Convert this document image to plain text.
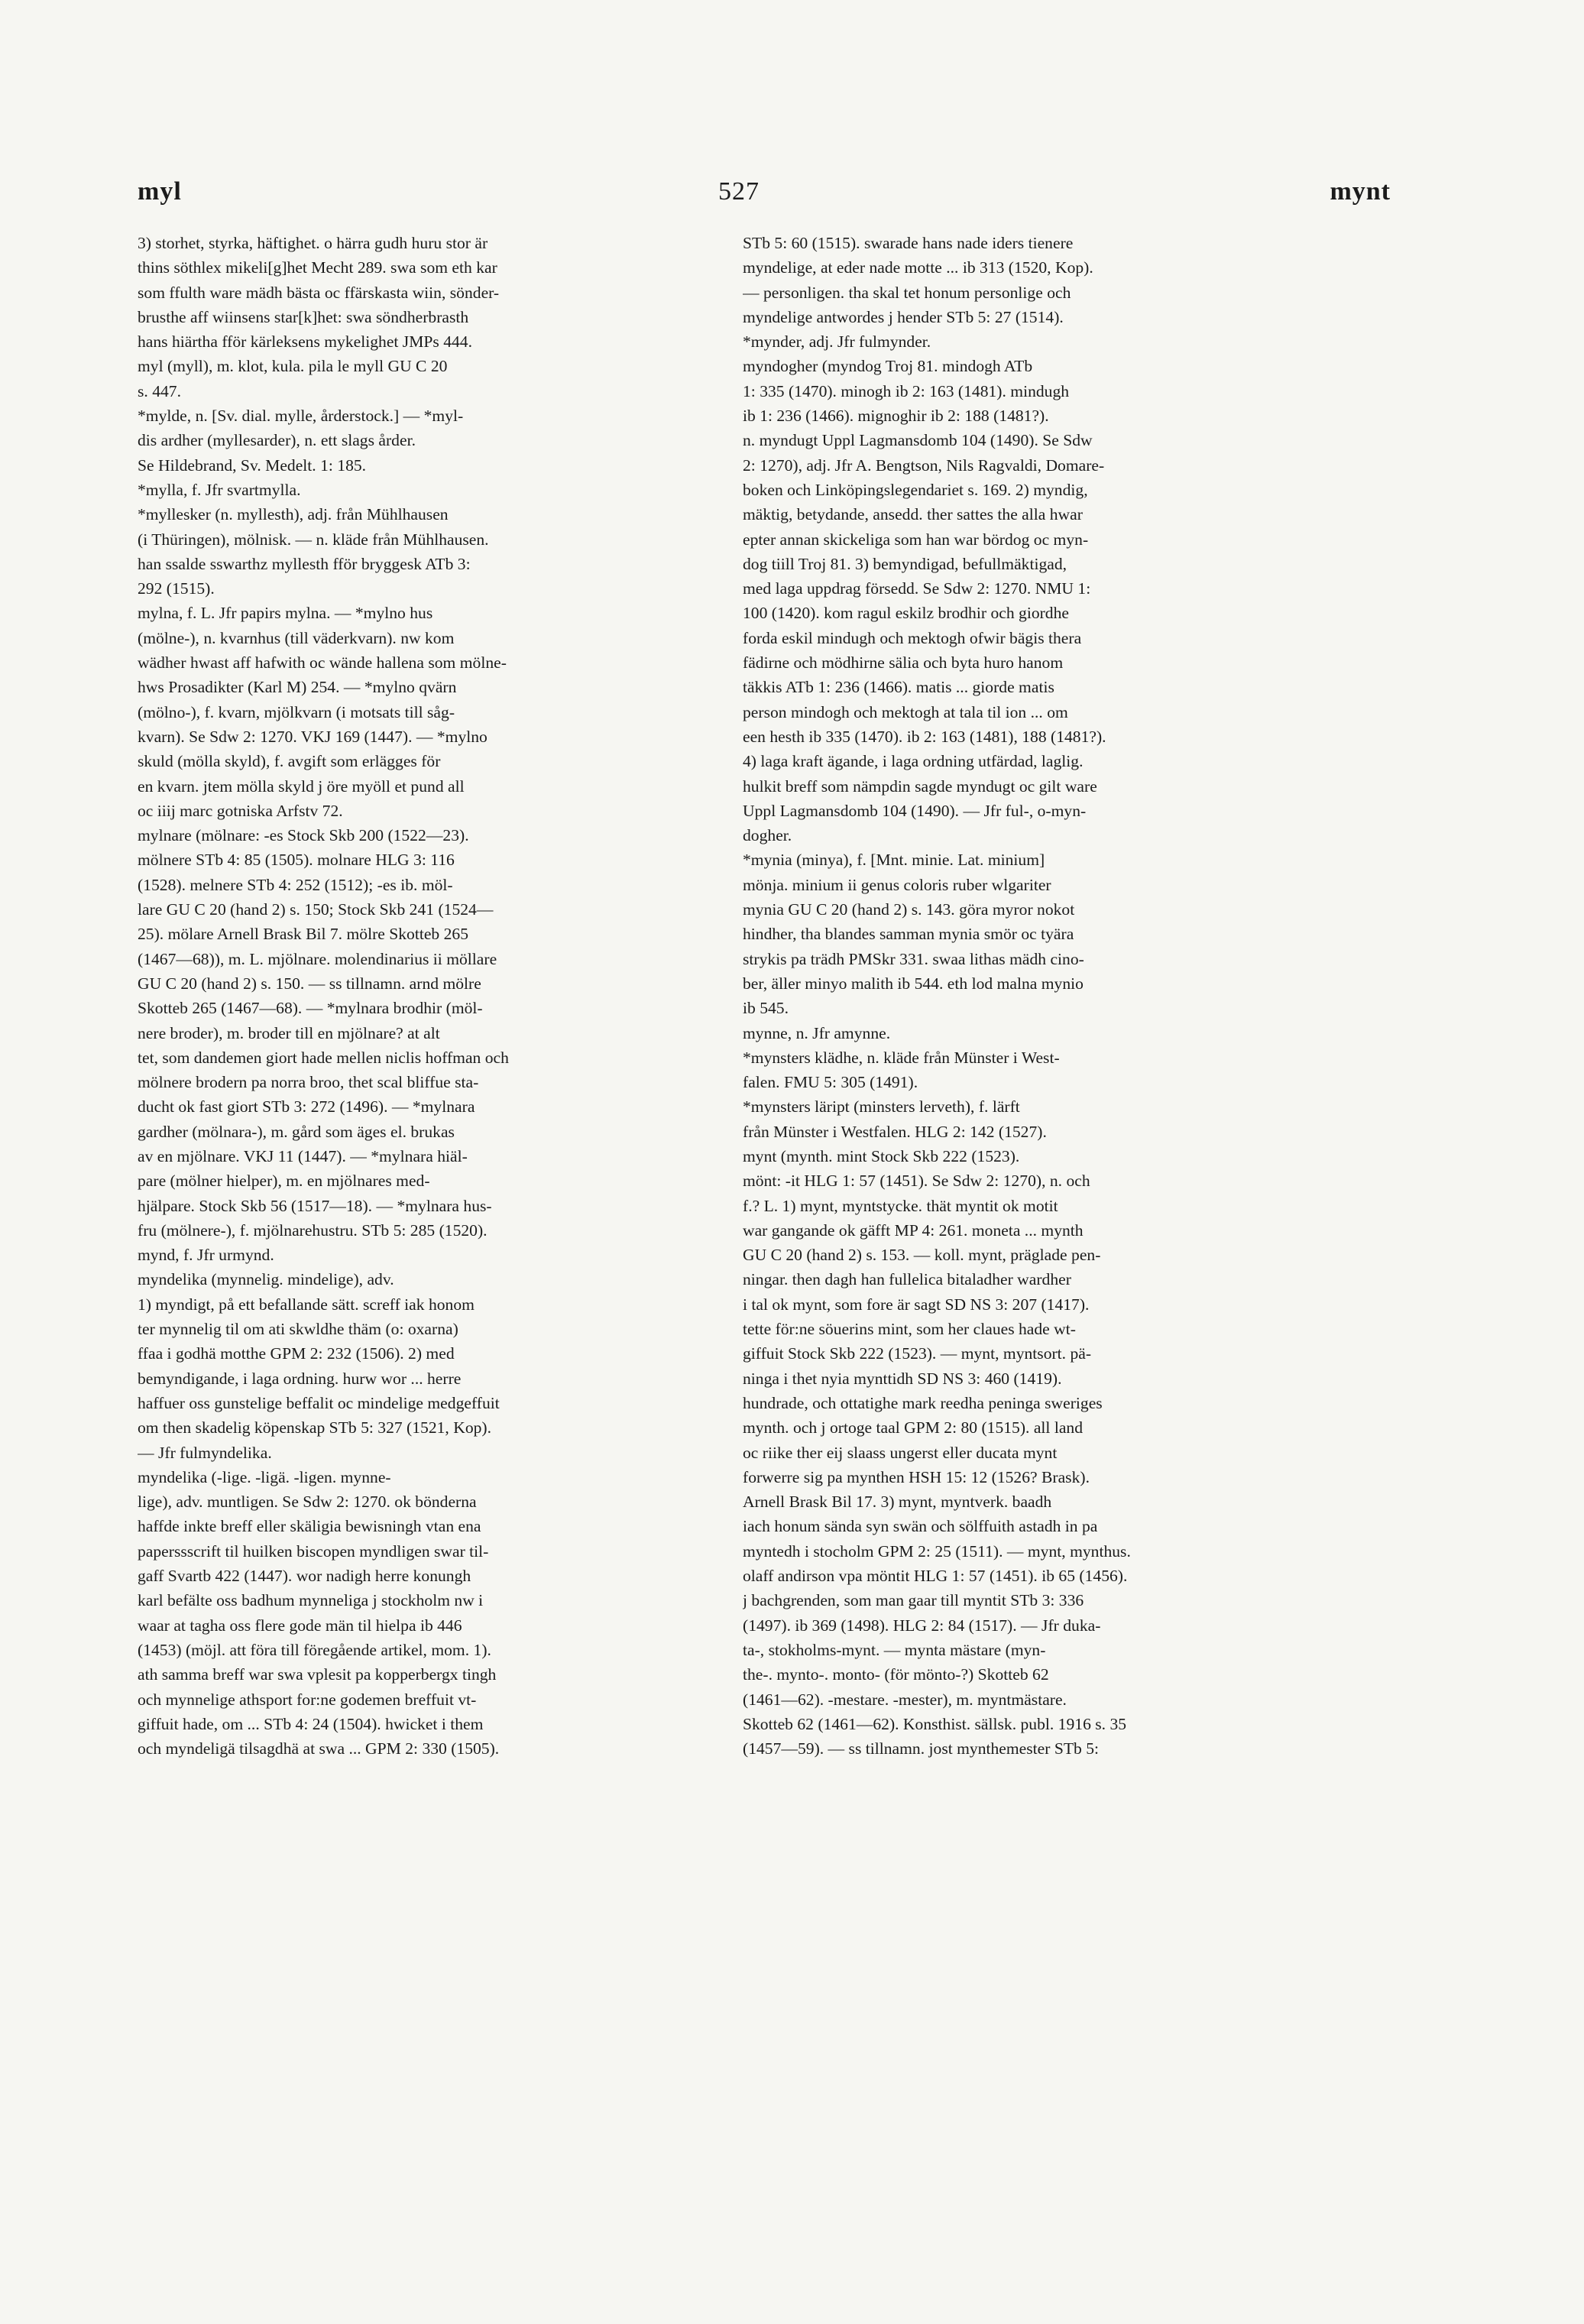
myl	527	mynt

3) storhet, styrka, häftighet. o härra gudh huru stor är

thins söthlex mikeli[g]het Mecht 289. swa som eth kar

som ffulth ware mädh bästa oc ffärskasta wiin, sönder-

brusthe aff wiinsens star[k]het: swa söndherbrasth

hans hiärtha fför kärleksens mykelighet JMPs 444.

myl (myll), m. klot, kula. pila le myll GU C 20

s. 447.

*mylde, n. [Sv. dial. mylle, årderstock.] — *myl-

dis ardher (myllesarder), n. ett slags årder.

Se Hildebrand, Sv. Medelt. 1: 185.

*mylla, f. Jfr svartmylla.

*myllesker (n. myllesth), adj. från Mühlhausen

(i Thüringen), mölnisk. — n. kläde från Mühlhausen.

han ssalde sswarthz myllesth fför bryggesk ATb 3:

292 (1515).

mylna, f. L. Jfr papirs mylna. — *mylno hus

(mölne-), n. kvarnhus (till väderkvarn). nw kom

wädher hwast aff hafwith oc wände hallena som mölne-

hws Prosadikter (Karl M) 254. — *mylno qvärn

(mölno-), f. kvarn, mjölkvarn (i motsats till såg-

kvarn). Se Sdw 2: 1270. VKJ 169 (1447). — *mylno

skuld (mölla skyld), f. avgift som erlägges för

en kvarn. jtem mölla skyld j öre myöll et pund all

oc iiij marc gotniska Arfstv 72.

mylnare (mölnare: -es Stock Skb 200 (1522—23).

mölnere STb 4: 85 (1505). molnare HLG 3: 116

(1528). melnere STb 4: 252 (1512); -es ib. möl-

lare GU C 20 (hand 2) s. 150; Stock Skb 241 (1524—

25). mölare Arnell Brask Bil 7. mölre Skotteb 265

(1467—68)), m. L. mjölnare. molendinarius ii möllare

GU C 20 (hand 2) s. 150. — ss tillnamn. arnd mölre

Skotteb 265 (1467—68). — *mylnara brodhir (möl-

nere broder), m. broder till en mjölnare? at alt

tet, som dandemen giort hade mellen niclis hoffman och

mölnere brodern pa norra broo, thet scal bliffue sta-

ducht ok fast giort STb 3: 272 (1496). — *mylnara

gardher (mölnara-), m. gård som äges el. brukas

av en mjölnare. VKJ 11 (1447). — *mylnara hiäl-

pare (mölner hielper), m. en mjölnares med-

hjälpare. Stock Skb 56 (1517—18). — *mylnara hus-

fru (mölnere-), f. mjölnarehustru. STb 5: 285 (1520).

mynd, f. Jfr urmynd.

myndelika (mynnelig. mindelige), adv.

1) myndigt, på ett befallande sätt. screff iak honom

ter mynnelig til om ati skwldhe thäm (o: oxarna)

ffaa i godhä motthe GPM 2: 232 (1506). 2) med

bemyndigande, i laga ordning. hurw wor ... herre

haffuer oss gunstelige beffalit oc mindelige medgeffuit

om then skadelig köpenskap STb 5: 327 (1521, Kop).

— Jfr fulmyndelika.

myndelika (-lige. -ligä. -ligen. mynne-

lige), adv. muntligen. Se Sdw 2: 1270. ok bönderna

haffde inkte breff eller skäligia bewisningh vtan ena

paperssscrift til huilken biscopen myndligen swar til-

gaff Svartb 422 (1447). wor nadigh herre konungh

karl befälte oss badhum mynneliga j stockholm nw i

waar at tagha oss flere gode män til hielpa ib 446

(1453) (möjl. att föra till föregående artikel, mom. 1).

ath samma breff war swa vplesit pa kopperbergx tingh

och mynnelige athsport for:ne godemen breffuit vt-

giffuit hade, om ... STb 4: 24 (1504). hwicket i them

och myndeligä tilsagdhä at swa ... GPM 2: 330 (1505).

STb 5: 60 (1515). swarade hans nade iders tienere

myndelige, at eder nade motte ... ib 313 (1520, Kop).

— personligen. tha skal tet honum personlige och

myndelige antwordes j hender STb 5: 27 (1514).

*mynder, adj. Jfr fulmynder.

myndogher (myndog Troj 81. mindogh ATb

1: 335 (1470). minogh ib 2: 163 (1481). mindugh

ib 1: 236 (1466). mignoghir ib 2: 188 (1481?).

n. myndugt Uppl Lagmansdomb 104 (1490). Se Sdw

2: 1270), adj. Jfr A. Bengtson, Nils Ragvaldi, Domare-

boken och Linköpingslegendariet s. 169. 2) myndig,

mäktig, betydande, ansedd. ther sattes the alla hwar

epter annan skickeliga som han war bördog oc myn-

dog tiill Troj 81. 3) bemyndigad, befullmäktigad,

med laga uppdrag försedd. Se Sdw 2: 1270. NMU 1:

100 (1420). kom ragul eskilz brodhir och giordhe

forda eskil mindugh och mektogh ofwir bägis thera

fädirne och mödhirne sälia och byta huro hanom

täkkis ATb 1: 236 (1466). matis ... giorde matis

person mindogh och mektogh at tala til ion ... om

een hesth ib 335 (1470). ib 2: 163 (1481), 188 (1481?).

4) laga kraft ägande, i laga ordning utfärdad, laglig.

hulkit breff som nämpdin sagde myndugt oc gilt ware

Uppl Lagmansdomb 104 (1490). — Jfr ful-, o-myn-

dogher.

*mynia (minya), f. [Mnt. minie. Lat. minium]

mönja. minium ii genus coloris ruber wlgariter

mynia GU C 20 (hand 2) s. 143. göra myror nokot

hindher, tha blandes samman mynia smör oc tyära

strykis pa trädh PMSkr 331. swaa lithas mädh cino-

ber, äller minyo malith ib 544. eth lod malna mynio

ib 545.

mynne, n. Jfr amynne.

*mynsters klädhe, n. kläde från Münster i West-

falen. FMU 5: 305 (1491).

*mynsters läript (minsters lerveth), f. lärft

från Münster i Westfalen. HLG 2: 142 (1527).

mynt (mynth. mint Stock Skb 222 (1523).

mönt: -it HLG 1: 57 (1451). Se Sdw 2: 1270), n. och

f.? L. 1) mynt, myntstycke. thät myntit ok motit

war gangande ok gäfft MP 4: 261. moneta ... mynth

GU C 20 (hand 2) s. 153. — koll. mynt, präglade pen-

ningar. then dagh han fullelica bitaladher wardher

i tal ok mynt, som fore är sagt SD NS 3: 207 (1417).

tette för:ne söuerins mint, som her claues hade wt-

giffuit Stock Skb 222 (1523). — mynt, myntsort. pä-

ninga i thet nyia mynttidh SD NS 3: 460 (1419).

hundrade, och ottatighe mark reedha peninga sweriges

mynth. och j ortoge taal GPM 2: 80 (1515). all land

oc riike ther eij slaass ungerst eller ducata mynt

forwerre sig pa mynthen HSH 15: 12 (1526? Brask).

Arnell Brask Bil 17. 3) mynt, myntverk. baadh

iach honum sända syn swän och sölffuith astadh in pa

myntedh i stocholm GPM 2: 25 (1511). — mynt, mynthus.

olaff andirson vpa möntit HLG 1: 57 (1451). ib 65 (1456).

j bachgrenden, som man gaar till myntit STb 3: 336

(1497). ib 369 (1498). HLG 2: 84 (1517). — Jfr duka-

ta-, stokholms-mynt. — mynta mästare (myn-

the-. mynto-. monto- (för mönto-?) Skotteb 62

(1461—62). -mestare. -mester), m. myntmästare.

Skotteb 62 (1461—62). Konsthist. sällsk. publ. 1916 s. 35

(1457—59). — ss tillnamn. jost mynthemester STb 5:
